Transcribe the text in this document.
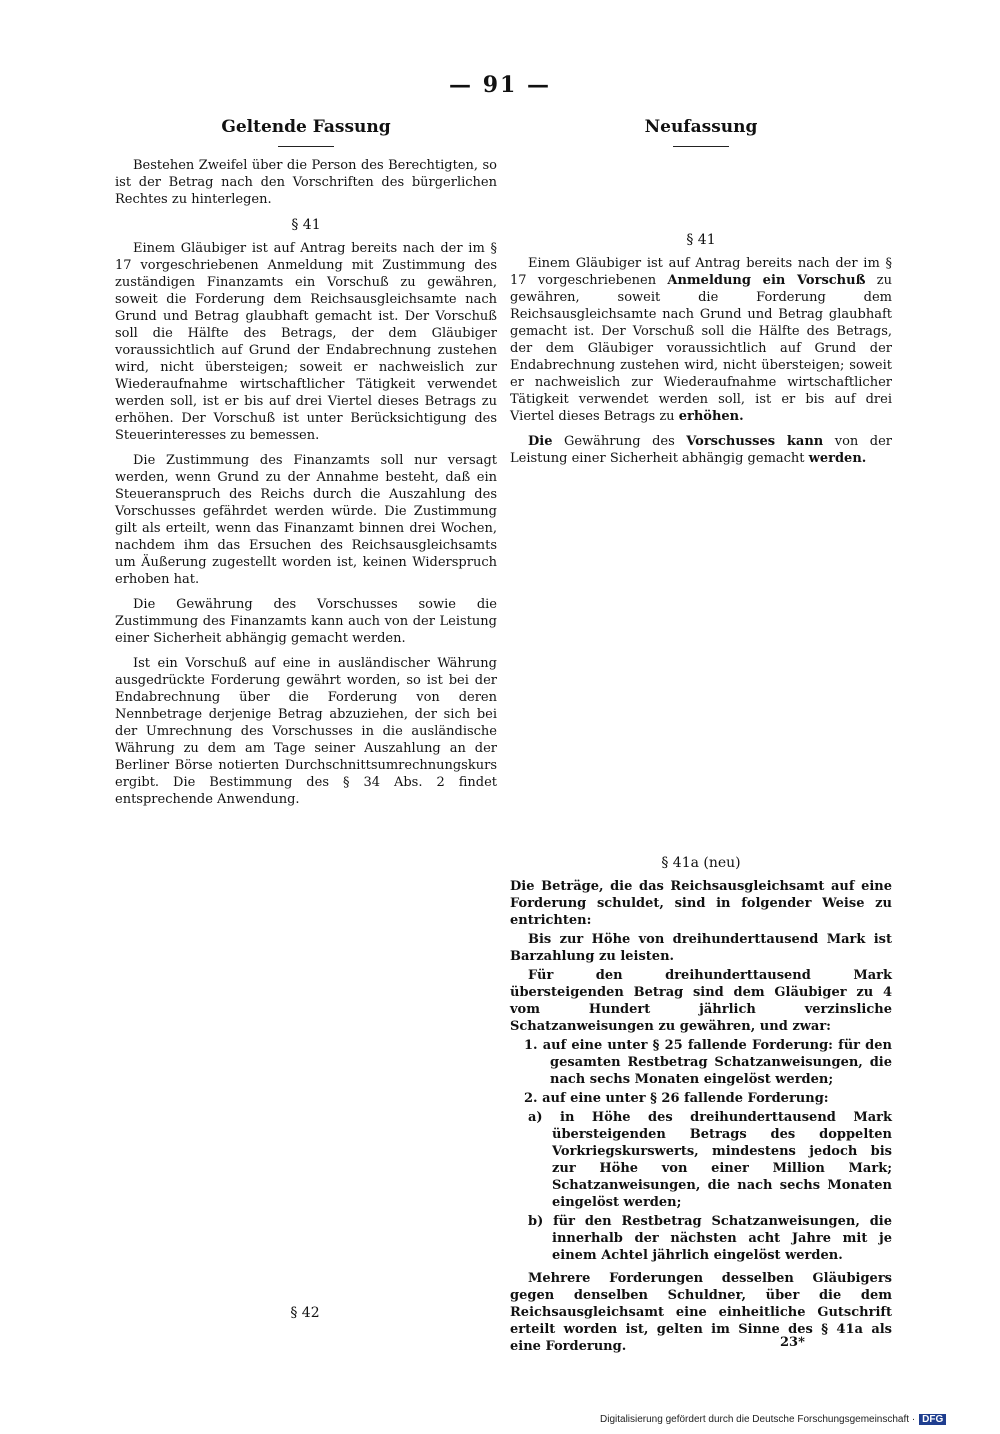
— 91 —
Geltende Fassung

Bestehen Zweifel über die Person des Berechtigten, so ist der Betrag nach den Vorschriften des bürgerlichen Rechtes zu hinterlegen.

§ 41

Einem Gläubiger ist auf Antrag bereits nach der im § 17 vorgeschriebenen Anmeldung mit Zustimmung des zuständigen Finanzamts ein Vorschuß zu gewähren, soweit die Forderung dem Reichsausgleichsamte nach Grund und Betrag glaubhaft gemacht ist. Der Vorschuß soll die Hälfte des Betrags, der dem Gläubiger voraussichtlich auf Grund der Endabrechnung zustehen wird, nicht übersteigen; soweit er nachweislich zur Wiederaufnahme wirtschaftlicher Tätigkeit verwendet werden soll, ist er bis auf drei Viertel dieses Betrags zu erhöhen. Der Vorschuß ist unter Berücksichtigung des Steuerinteresses zu bemessen.

Die Zustimmung des Finanzamts soll nur versagt werden, wenn Grund zu der Annahme besteht, daß ein Steueranspruch des Reichs durch die Auszahlung des Vorschusses gefährdet werden würde. Die Zustimmung gilt als erteilt, wenn das Finanzamt binnen drei Wochen, nachdem ihm das Ersuchen des Reichsausgleichsamts um Äußerung zugestellt worden ist, keinen Widerspruch erhoben hat.

Die Gewährung des Vorschusses sowie die Zustimmung des Finanzamts kann auch von der Leistung einer Sicherheit abhängig gemacht werden.

Ist ein Vorschuß auf eine in ausländischer Währung ausgedrückte Forderung gewährt worden, so ist bei der Endabrechnung über die Forderung von deren Nennbetrage derjenige Betrag abzuziehen, der sich bei der Umrechnung des Vorschusses in die ausländische Währung zu dem am Tage seiner Auszahlung an der Berliner Börse notierten Durchschnittsumrechnungskurs ergibt. Die Bestimmung des § 34 Abs. 2 findet entsprechende Anwendung.

§ 42
Neufassung
§ 41

Einem Gläubiger ist auf Antrag bereits nach der im § 17 vorgeschriebenen Anmeldung ein Vorschuß zu gewähren, soweit die Forderung dem Reichsausgleichsamte nach Grund und Betrag glaubhaft gemacht ist. Der Vorschuß soll die Hälfte des Betrags, der dem Gläubiger voraussichtlich auf Grund der Endabrechnung zustehen wird, nicht übersteigen; soweit er nachweislich zur Wiederaufnahme wirtschaftlicher Tätigkeit verwendet werden soll, ist er bis auf drei Viertel dieses Betrags zu erhöhen.

Die Gewährung des Vorschusses kann von der Leistung einer Sicherheit abhängig gemacht werden.

§ 41a (neu)

Die Beträge, die das Reichsausgleichsamt auf eine Forderung schuldet, sind in folgender Weise zu entrichten:

Bis zur Höhe von dreihunderttausend Mark ist Barzahlung zu leisten.

Für den dreihunderttausend Mark übersteigenden Betrag sind dem Gläubiger zu 4 vom Hundert jährlich verzinsliche Schatzanweisungen zu gewähren, und zwar:

1. auf eine unter § 25 fallende Forderung: für den gesamten Restbetrag Schatzanweisungen, die nach sechs Monaten eingelöst werden;
2. auf eine unter § 26 fallende Forderung:
a) in Höhe des dreihunderttausend Mark übersteigenden Betrags des doppelten Vorkriegskurswerts, mindestens jedoch bis zur Höhe von einer Million Mark; Schatzanweisungen, die nach sechs Monaten eingelöst werden;
b) für den Restbetrag Schatzanweisungen, die innerhalb der nächsten acht Jahre mit je einem Achtel jährlich eingelöst werden.

Mehrere Forderungen desselben Gläubigers gegen denselben Schuldner, über die dem Reichsausgleichsamt eine einheitliche Gutschrift erteilt worden ist, gelten im Sinne des § 41a als eine Forderung.	23*
Digitalisierung gefördert durch die Deutsche Forschungsgemeinschaft · DFG
